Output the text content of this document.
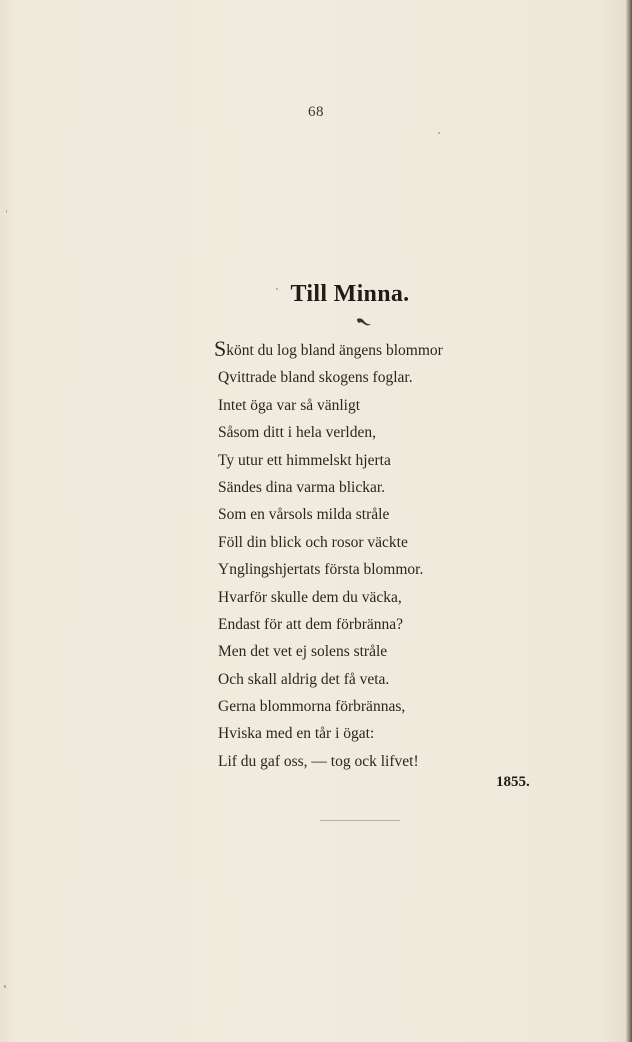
68
Till Minna.
Skönt du log bland ängens blommor
Qvittrade bland skogens foglar.
Intet öga var så vänligt
Såsom ditt i hela verlden,
Ty utur ett himmelskt hjerta
Sändes dina varma blickar.
Som en vårsols milda stråle
Föll din blick och rosor väckte
Ynglingshjertats första blommor.
Hvarför skulle dem du väcka,
Endast för att dem förbränna?
Men det vet ej solens stråle
Och skall aldrig det få veta.
Gerna blommorna förbrännas,
Hviska med en tår i ögat:
Lif du gaf oss, — tog ock lifvet!
1855.
